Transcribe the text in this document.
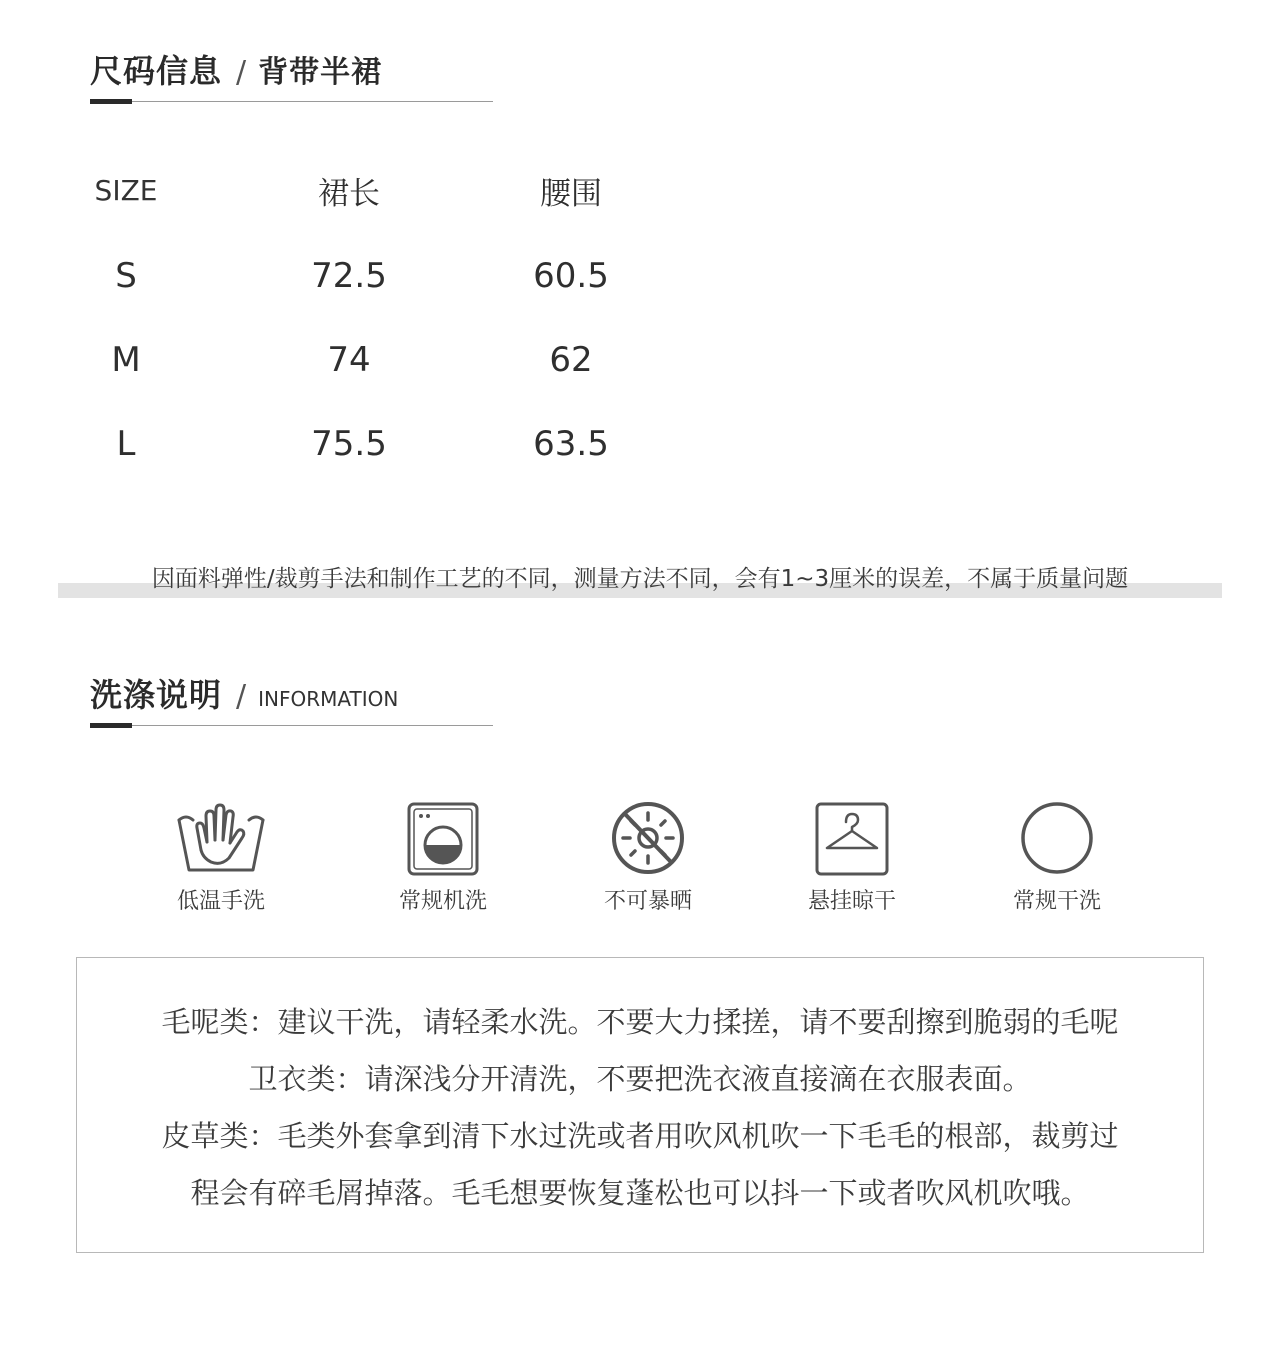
尺码信息 / 背带半裙
SIZE	裙长	腰围
S	72.5	60.5
M	74	62
L	75.5	63.5
因面料弹性/裁剪手法和制作工艺的不同，测量方法不同，会有1~3厘米的误差，不属于质量问题
洗涤说明 / INFORMATION
低温手洗	常规机洗	不可暴晒	悬挂晾干	常规干洗

毛呢类：建议干洗，请轻柔水洗。不要大力揉搓，请不要刮擦到脆弱的毛呢

卫衣类：请深浅分开清洗，不要把洗衣液直接滴在衣服表面。

皮草类：毛类外套拿到清下水过洗或者用吹风机吹一下毛毛的根部，裁剪过

程会有碎毛屑掉落。毛毛想要恢复蓬松也可以抖一下或者吹风机吹哦。
